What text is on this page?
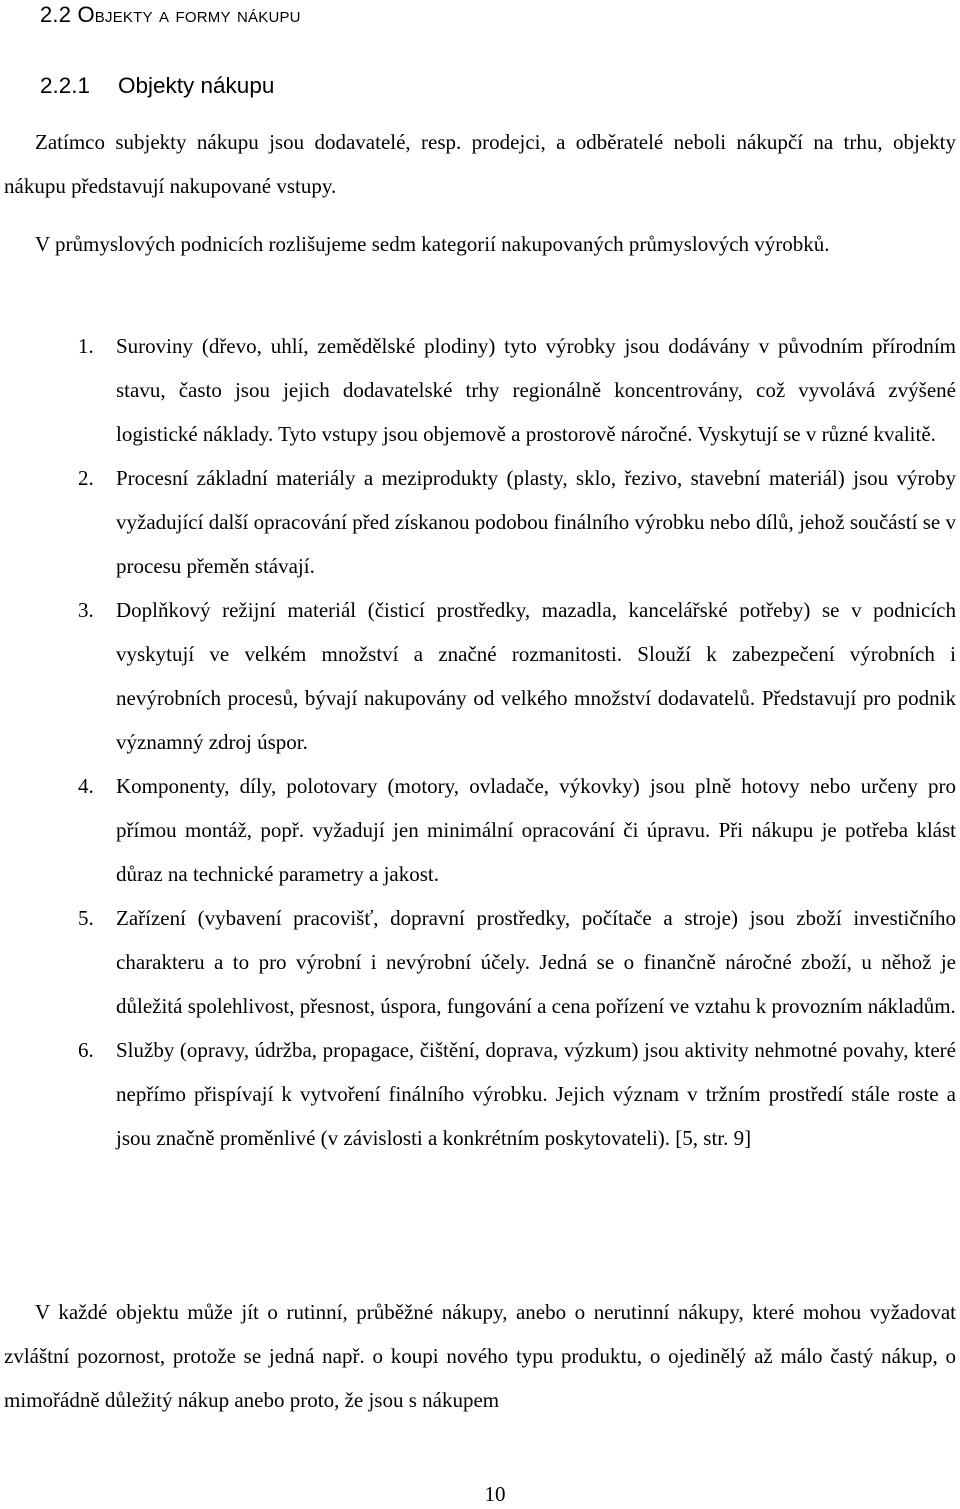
2.2 Objekty a formy nákupu
2.2.1 Objekty nákupu

Zatímco subjekty nákupu jsou dodavatelé, resp. prodejci, a odběratelé neboli nákupčí na trhu, objekty nákupu představují nakupované vstupy.

V průmyslových podnicích rozlišujeme sedm kategorií nakupovaných průmyslových výrobků.

1.	Suroviny (dřevo, uhlí, zemědělské plodiny) tyto výrobky jsou dodávány v původním přírodním stavu, často jsou jejich dodavatelské trhy regionálně koncentrovány, což vyvolává zvýšené logistické náklady. Tyto vstupy jsou objemově a prostorově náročné. Vyskytují se v různé kvalitě.
2.	Procesní základní materiály a meziprodukty (plasty, sklo, řezivo, stavební materiál) jsou výroby vyžadující další opracování před získanou podobou finálního výrobku nebo dílů, jehož součástí se v procesu přeměn stávají.
3.	Doplňkový režijní materiál (čisticí prostředky, mazadla, kancelářské potřeby) se v podnicích vyskytují ve velkém množství a značné rozmanitosti. Slouží k zabezpečení výrobních i nevýrobních procesů, bývají nakupovány od velkého množství dodavatelů. Představují pro podnik významný zdroj úspor.
4.	Komponenty, díly, polotovary (motory, ovladače, výkovky) jsou plně hotovy nebo určeny pro přímou montáž, popř. vyžadují jen minimální opracování či úpravu. Při nákupu je potřeba klást důraz na technické parametry a jakost.
5.	Zařízení (vybavení pracovišť, dopravní prostředky, počítače a stroje) jsou zboží investičního charakteru a to pro výrobní i nevýrobní účely. Jedná se o finančně náročné zboží, u něhož je důležitá spolehlivost, přesnost, úspora, fungování a cena pořízení ve vztahu k provozním nákladům.
6.	Služby (opravy, údržba, propagace, čištění, doprava, výzkum) jsou aktivity nehmotné povahy, které nepřímo přispívají k vytvoření finálního výrobku. Jejich význam v tržním prostředí stále roste a jsou značně proměnlivé (v závislosti a konkrétním poskytovateli). [5, str. 9]

V každé objektu může jít o rutinní, průběžné nákupy, anebo o nerutinní nákupy, které mohou vyžadovat zvláštní pozornost, protože se jedná např. o koupi nového typu produktu, o ojedinělý až málo častý nákup, o mimořádně důležitý nákup anebo proto, že jsou s nákupem

10
